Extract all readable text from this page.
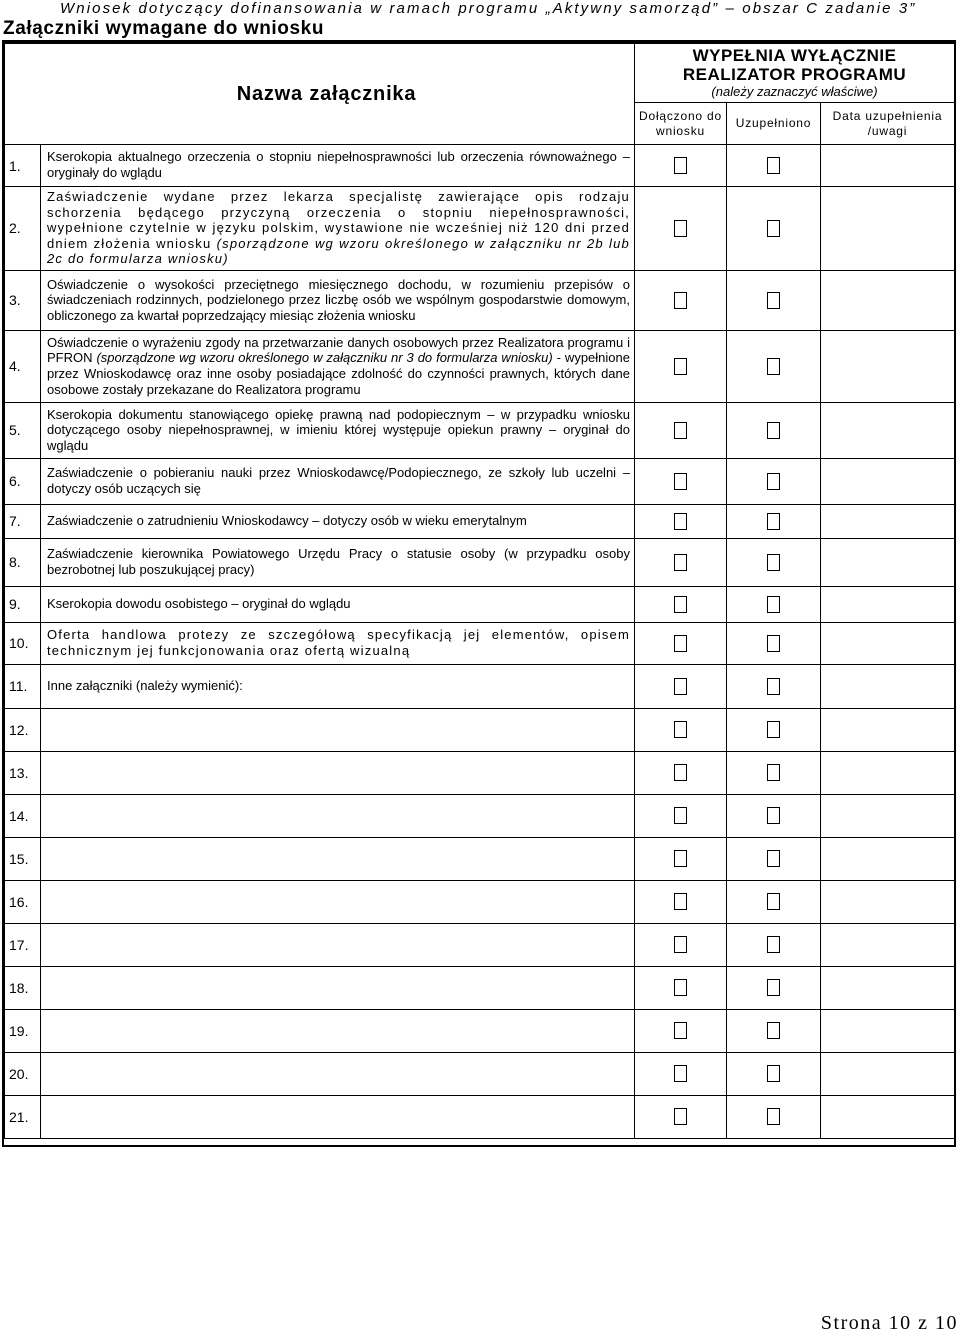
Wniosek dotyczący dofinansowania w ramach programu „Aktywny samorząd” – obszar C zadanie 3”
Załączniki wymagane do wniosku
Nazwa załącznika		WYPEŁNIA WYŁĄCZNIE
REALIZATOR PROGRAMU
(należy zaznaczyć właściwe)		

		Dołączono do wniosku	Uzupełniono	Data uzupełnienia /uwagi
1.	Kserokopia aktualnego orzeczenia o stopniu niepełnosprawności lub orzeczenia równoważnego – oryginały do wglądu			
2.	Zaświadczenie wydane przez lekarza specjalistę zawierające opis rodzaju schorzenia będącego przyczyną orzeczenia o stopniu niepełnosprawności, wypełnione czytelnie w języku polskim, wystawione nie wcześniej niż 120 dni przed dniem złożenia wniosku (sporządzone wg wzoru określonego w załączniku nr 2b lub 2c do formularza wniosku)			
3.	Oświadczenie o wysokości przeciętnego miesięcznego dochodu, w rozumieniu przepisów o świadczeniach rodzinnych, podzielonego przez liczbę osób we wspólnym gospodarstwie domowym, obliczonego za kwartał poprzedzający miesiąc złożenia wniosku			
4.	Oświadczenie o wyrażeniu zgody na przetwarzanie danych osobowych przez Realizatora programu i PFRON (sporządzone wg wzoru określonego w załączniku nr 3 do formularza wniosku) - wypełnione przez Wnioskodawcę oraz inne osoby posiadające zdolność do czynności prawnych, których dane osobowe zostały przekazane do Realizatora programu			
5.	Kserokopia dokumentu stanowiącego opiekę prawną nad podopiecznym – w przypadku wniosku dotyczącego osoby niepełnosprawnej, w imieniu której występuje opiekun prawny – oryginał do wglądu			
6.	Zaświadczenie o pobieraniu nauki przez Wnioskodawcę/Podopiecznego, ze szkoły lub uczelni – dotyczy osób uczących się			
7.	Zaświadczenie o zatrudnieniu Wnioskodawcy – dotyczy osób w wieku emerytalnym			
8.	Zaświadczenie kierownika Powiatowego Urzędu Pracy o statusie osoby (w przypadku osoby bezrobotnej lub poszukującej pracy)			
9.	Kserokopia dowodu osobistego – oryginał do wglądu			
10.	Oferta handlowa protezy ze szczegółową specyfikacją jej elementów, opisem technicznym jej funkcjonowania oraz ofertą wizualną			
11.	Inne załączniki (należy wymienić):			
12.				
13.				
14.				
15.				
16.				
17.				
18.				
19.				
20.				
21.				
Strona 10 z 10
